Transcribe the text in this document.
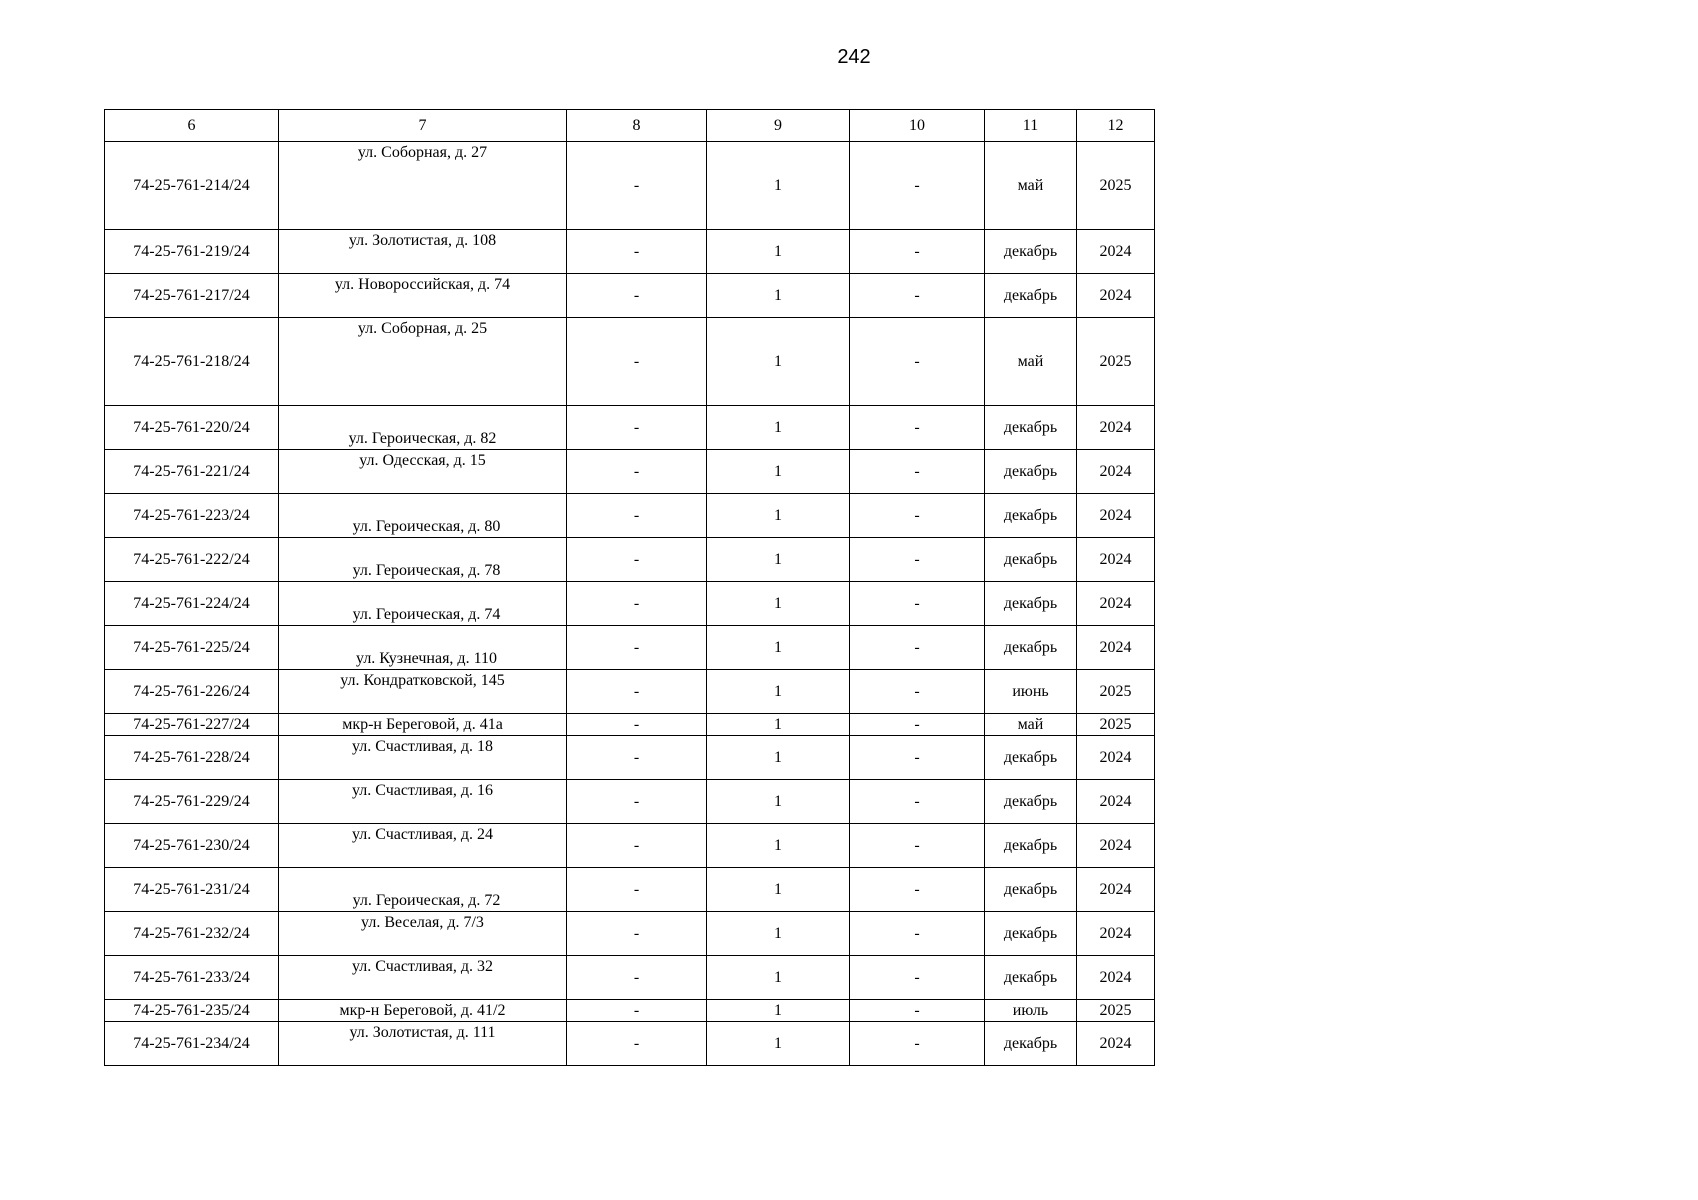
242
6	7	8	9	10	11	12
74-25-761-214/24	ул. Соборная, д. 27	-	1	-	май	2025
74-25-761-219/24	ул. Золотистая, д. 108	-	1	-	декабрь	2024
74-25-761-217/24	ул. Новороссийская, д. 74	-	1	-	декабрь	2024
74-25-761-218/24	ул. Соборная, д. 25	-	1	-	май	2025
74-25-761-220/24	ул. Героическая, д. 82	-	1	-	декабрь	2024
74-25-761-221/24	ул. Одесская, д. 15	-	1	-	декабрь	2024
74-25-761-223/24	ул. Героическая, д. 80	-	1	-	декабрь	2024
74-25-761-222/24	ул. Героическая, д. 78	-	1	-	декабрь	2024
74-25-761-224/24	ул. Героическая, д. 74	-	1	-	декабрь	2024
74-25-761-225/24	ул. Кузнечная, д. 110	-	1	-	декабрь	2024
74-25-761-226/24	ул. Кондратковской, 145	-	1	-	июнь	2025
74-25-761-227/24	мкр-н Береговой, д. 41а	-	1	-	май	2025
74-25-761-228/24	ул. Счастливая, д. 18	-	1	-	декабрь	2024
74-25-761-229/24	ул. Счастливая, д. 16	-	1	-	декабрь	2024
74-25-761-230/24	ул. Счастливая, д. 24	-	1	-	декабрь	2024
74-25-761-231/24	ул. Героическая, д. 72	-	1	-	декабрь	2024
74-25-761-232/24	ул. Веселая, д. 7/3	-	1	-	декабрь	2024
74-25-761-233/24	ул. Счастливая, д. 32	-	1	-	декабрь	2024
74-25-761-235/24	мкр-н Береговой, д. 41/2	-	1	-	июль	2025
74-25-761-234/24	ул. Золотистая, д. 111	-	1	-	декабрь	2024
